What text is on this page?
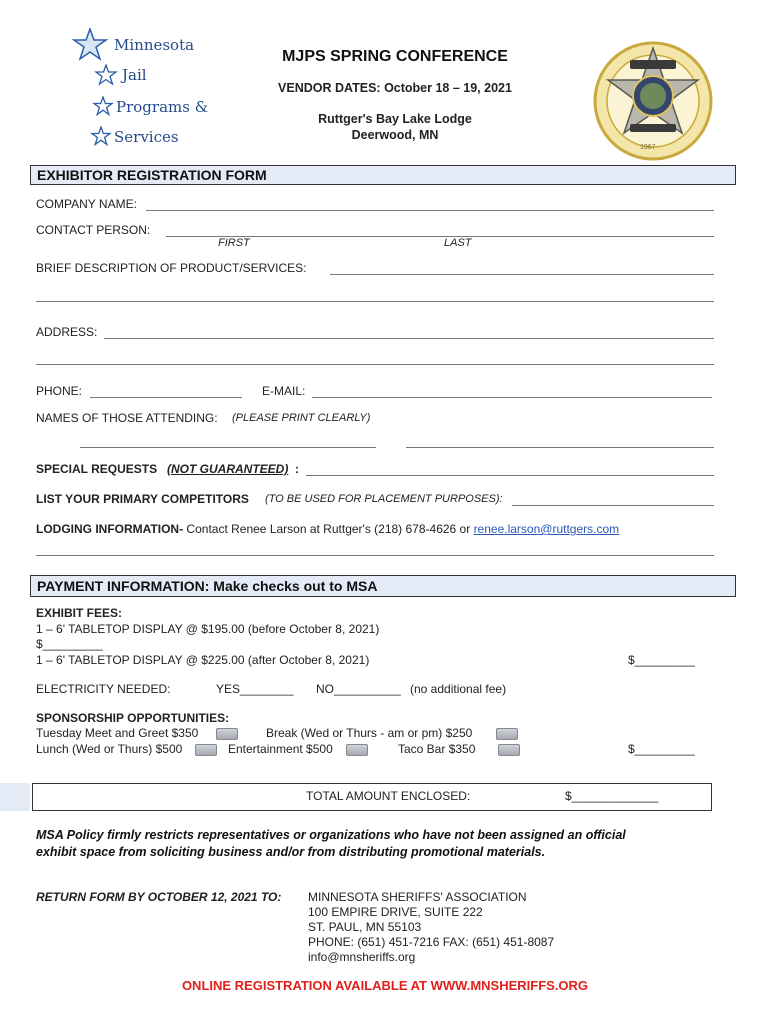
Minnesota
Jail
Programs &
Services
MJPS SPRING CONFERENCE
VENDOR DATES: October 18 – 19, 2021
Ruttger's Bay Lake Lodge
Deerwood, MN
1967
EXHIBITOR REGISTRATION FORM
COMPANY NAME:
CONTACT PERSON:
FIRST	LAST
BRIEF DESCRIPTION OF PRODUCT/SERVICES:
ADDRESS:
PHONE:	E-MAIL:
NAMES OF THOSE ATTENDING: (PLEASE PRINT CLEARLY)
SPECIAL REQUESTS (NOT GUARANTEED) :
LIST YOUR PRIMARY COMPETITORS (TO BE USED FOR PLACEMENT PURPOSES):
LODGING INFORMATION- Contact Renee Larson at Ruttger's (218) 678-4626 or renee.larson@ruttgers.com
PAYMENT INFORMATION: Make checks out to MSA
EXHIBIT FEES:
1 – 6' TABLETOP DISPLAY @ $195.00 (before October 8, 2021)
$_________
1 – 6' TABLETOP DISPLAY @ $225.00 (after October 8, 2021)	$_________
ELECTRICITY NEEDED:	YES________ NO__________ (no additional fee)
SPONSORSHIP OPPORTUNITIES:
Tuesday Meet and Greet $350	Break (Wed or Thurs - am or pm) $250
Lunch (Wed or Thurs) $500	Entertainment $500	Taco Bar $350	$_________
TOTAL AMOUNT ENCLOSED:	$_____________
MSA Policy firmly restricts representatives or organizations who have not been assigned an official
exhibit space from soliciting business and/or from distributing promotional materials.
RETURN FORM BY OCTOBER 12, 2021 TO: MINNESOTA SHERIFFS' ASSOCIATION
100 EMPIRE DRIVE, SUITE 222
ST. PAUL, MN 55103
PHONE: (651) 451-7216 FAX: (651) 451-8087
info@mnsheriffs.org
ONLINE REGISTRATION AVAILABLE AT WWW.MNSHERIFFS.ORG
